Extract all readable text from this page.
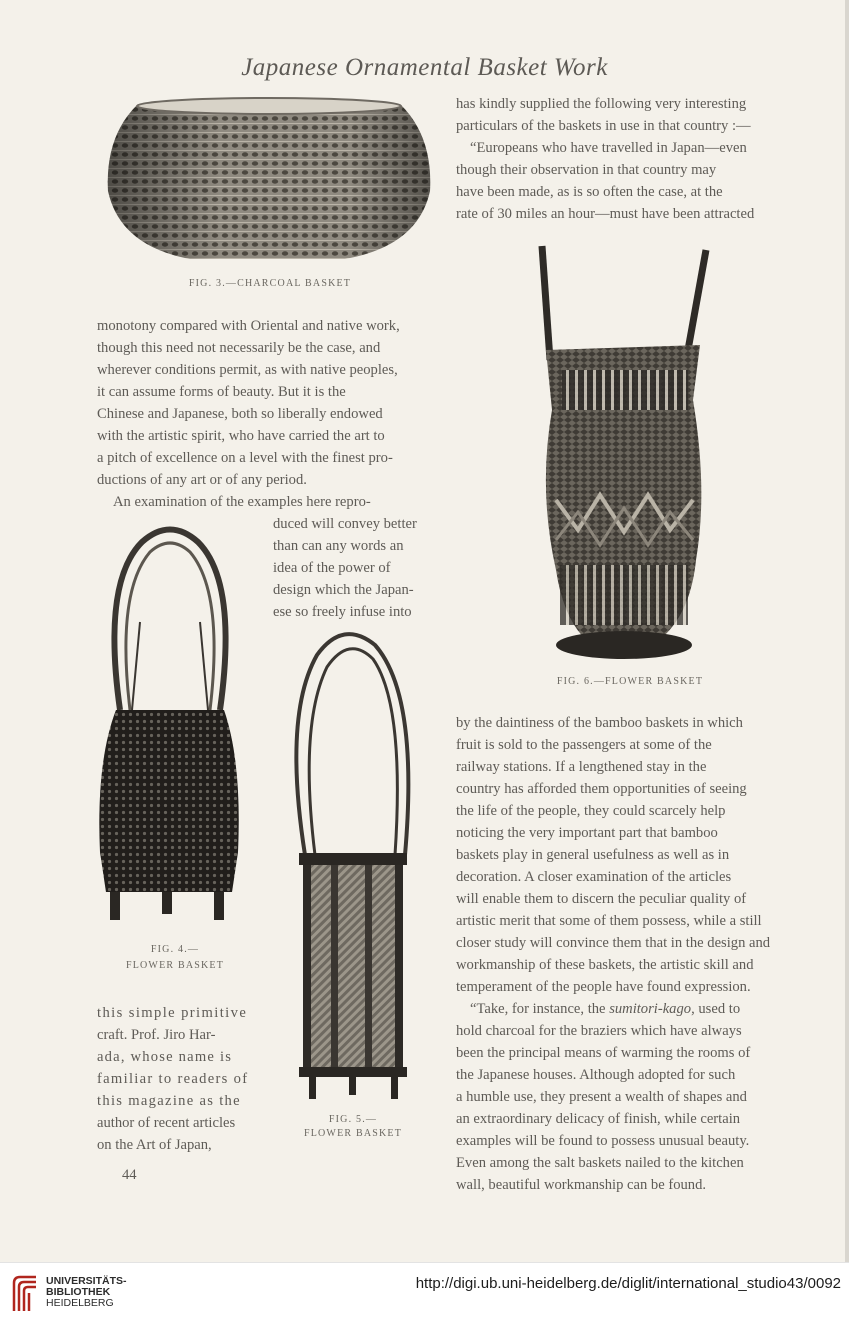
Japanese Ornamental Basket Work
FIG. 3.—CHARCOAL BASKET
has kindly supplied the following very interesting
particulars of the baskets in use in that country :—
“Europeans who have travelled in Japan—even
though their observation in that country may
have been made, as is so often the case, at the
rate of 30 miles an hour—must have been attracted
FIG. 6.—FLOWER BASKET
monotony compared with Oriental and native work,
though this need not necessarily be the case, and
wherever conditions permit, as with native peoples,
it can assume forms of beauty. But it is the
Chinese and Japanese, both so liberally endowed
with the artistic spirit, who have carried the art to
a pitch of excellence on a level with the finest pro-
ductions of any art or of any period.
An examination of the examples here repro-
duced will convey better
than can any words an
idea of the power of
design which the Japan-
ese so freely infuse into
FIG. 4.—
FLOWER BASKET
FIG. 5.—
FLOWER BASKET
this simple primitive
craft. Prof. Jiro Har-
ada, whose name is
familiar to readers of
this magazine as the
author of recent articles
on the Art of Japan,
44
by the daintiness of the bamboo baskets in which
fruit is sold to the passengers at some of the
railway stations. If a lengthened stay in the
country has afforded them opportunities of seeing
the life of the people, they could scarcely help
noticing the very important part that bamboo
baskets play in general usefulness as well as in
decoration. A closer examination of the articles
will enable them to discern the peculiar quality of
artistic merit that some of them possess, while a still
closer study will convince them that in the design and
workmanship of these baskets, the artistic skill and
temperament of the people have found expression.
“Take, for instance, the sumitori-kago, used to
hold charcoal for the braziers which have always
been the principal means of warming the rooms of
the Japanese houses. Although adopted for such
a humble use, they present a wealth of shapes and
an extraordinary delicacy of finish, while certain
examples will be found to possess unusual beauty.
Even among the salt baskets nailed to the kitchen
wall, beautiful workmanship can be found.
UNIVERSITÄTS-
BIBLIOTHEK
HEIDELBERG
http://digi.ub.uni-heidelberg.de/diglit/international_studio43/0092
